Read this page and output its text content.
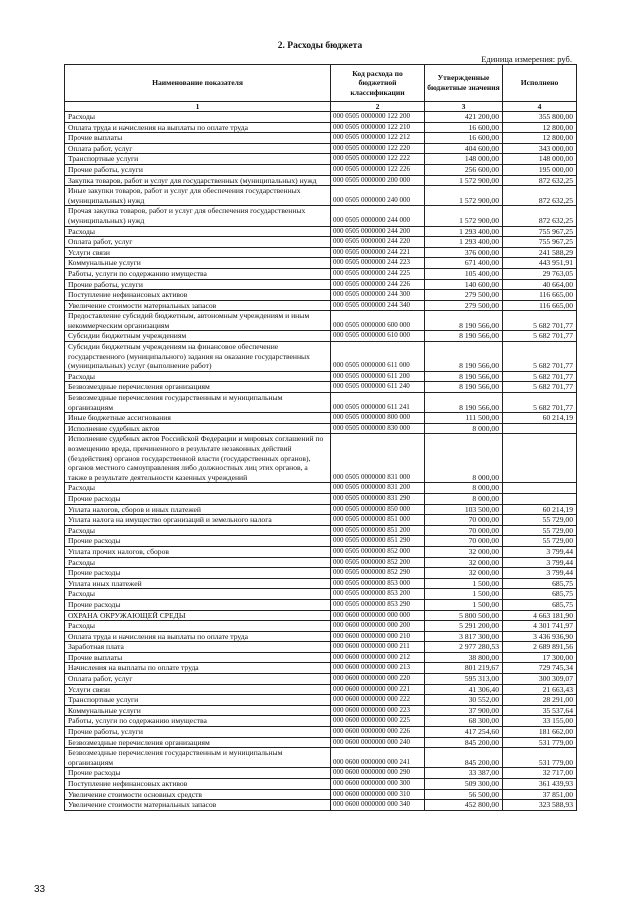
2. Расходы бюджета
Единица измерения: руб.
Наименование показателя	Код расхода по бюджетной классификации	Утвержденные бюджетные значения	Исполнено
1	2	3	4
Расходы	000 0505 0000000 122 200	421 200,00	355 800,00
Оплата труда и начисления на выплаты по оплате труда	000 0505 0000000 122 210	16 600,00	12 800,00
Прочие выплаты	000 0505 0000000 122 212	16 600,00	12 800,00
Оплата работ, услуг	000 0505 0000000 122 220	404 600,00	343 000,00
Транспортные услуги	000 0505 0000000 122 222	148 000,00	148 000,00
Прочие работы, услуги	000 0505 0000000 122 226	256 600,00	195 000,00
Закупка товаров, работ и услуг для государственных (муниципальных) нужд	000 0505 0000000 200 000	1 572 900,00	872 632,25
Иные закупки товаров, работ и услуг для обеспечения государственных (муниципальных) нужд	000 0505 0000000 240 000	1 572 900,00	872 632,25
Прочая закупка товаров, работ и услуг для обеспечения государственных (муниципальных) нужд	000 0505 0000000 244 000	1 572 900,00	872 632,25
Расходы	000 0505 0000000 244 200	1 293 400,00	755 967,25
Оплата работ, услуг	000 0505 0000000 244 220	1 293 400,00	755 967,25
Услуги связи	000 0505 0000000 244 221	376 000,00	241 588,29
Коммунальные услуги	000 0505 0000000 244 223	671 400,00	443 951,91
Работы, услуги по содержанию имущества	000 0505 0000000 244 225	105 400,00	29 763,05
Прочие работы, услуги	000 0505 0000000 244 226	140 600,00	40 664,00
Поступление нефинансовых активов	000 0505 0000000 244 300	279 500,00	116 665,00
Увеличение стоимости материальных запасов	000 0505 0000000 244 340	279 500,00	116 665,00
Предоставление субсидий бюджетным, автономным учреждениям и иным некоммерческим организациям	000 0505 0000000 600 000	8 190 566,00	5 682 701,77
Субсидии бюджетным учреждениям	000 0505 0000000 610 000	8 190 566,00	5 682 701,77
Субсидии бюджетным учреждениям на финансовое обеспечение государственного (муниципального) задания на оказание государственных (муниципальных) услуг (выполнение работ)	000 0505 0000000 611 000	8 190 566,00	5 682 701,77
Расходы	000 0505 0000000 611 200	8 190 566,00	5 682 701,77
Безвозмездные перечисления организациям	000 0505 0000000 611 240	8 190 566,00	5 682 701,77
Безвозмездные перечисления государственным и муниципальным организациям	000 0505 0000000 611 241	8 190 566,00	5 682 701,77
Иные бюджетные ассигнования	000 0505 0000000 800 000	111 500,00	60 214,19
Исполнение судебных актов	000 0505 0000000 830 000	8 000,00	
Исполнение судебных актов Российской Федерации и мировых соглашений по возмещению вреда, причиненного в результате незаконных действий (бездействия) органов государственной власти (государственных органов), органов местного самоуправления либо должностных лиц этих органов, а также в результате деятельности казенных учреждений	000 0505 0000000 831 000	8 000,00	
Расходы	000 0505 0000000 831 200	8 000,00	
Прочие расходы	000 0505 0000000 831 290	8 000,00	
Уплата налогов, сборов и иных платежей	000 0505 0000000 850 000	103 500,00	60 214,19
Уплата налога на имущество организаций и земельного налога	000 0505 0000000 851 000	70 000,00	55 729,00
Расходы	000 0505 0000000 851 200	70 000,00	55 729,00
Прочие расходы	000 0505 0000000 851 290	70 000,00	55 729,00
Уплата прочих налогов, сборов	000 0505 0000000 852 000	32 000,00	3 799,44
Расходы	000 0505 0000000 852 200	32 000,00	3 799,44
Прочие расходы	000 0505 0000000 852 290	32 000,00	3 799,44
Уплата иных платежей	000 0505 0000000 853 000	1 500,00	685,75
Расходы	000 0505 0000000 853 200	1 500,00	685,75
Прочие расходы	000 0505 0000000 853 290	1 500,00	685,75
ОХРАНА ОКРУЖАЮЩЕЙ СРЕДЫ	000 0600 0000000 000 000	5 800 500,00	4 663 181,90
Расходы	000 0600 0000000 000 200	5 291 200,00	4 301 741,97
Оплата труда и начисления на выплаты по оплате труда	000 0600 0000000 000 210	3 817 300,00	3 436 936,90
Заработная плата	000 0600 0000000 000 211	2 977 280,53	2 689 891,56
Прочие выплаты	000 0600 0000000 000 212	38 800,00	17 300,00
Начисления на выплаты по оплате труда	000 0600 0000000 000 213	801 219,67	729 745,34
Оплата работ, услуг	000 0600 0000000 000 220	595 313,00	300 309,07
Услуги связи	000 0600 0000000 000 221	41 306,40	21 663,43
Транспортные услуги	000 0600 0000000 000 222	30 552,00	28 291,00
Коммунальные услуги	000 0600 0000000 000 223	37 900,00	35 537,64
Работы, услуги по содержанию имущества	000 0600 0000000 000 225	68 300,00	33 155,00
Прочие работы, услуги	000 0600 0000000 000 226	417 254,60	181 662,00
Безвозмездные перечисления организациям	000 0600 0000000 000 240	845 200,00	531 779,00
Безвозмездные перечисления государственным и муниципальным организациям	000 0600 0000000 000 241	845 200,00	531 779,00
Прочие расходы	000 0600 0000000 000 290	33 387,00	32 717,00
Поступление нефинансовых активов	000 0600 0000000 000 300	509 300,00	361 439,93
Увеличение стоимости основных средств	000 0600 0000000 000 310	56 500,00	37 851,00
Увеличение стоимости материальных запасов	000 0600 0000000 000 340	452 800,00	323 588,93
33
